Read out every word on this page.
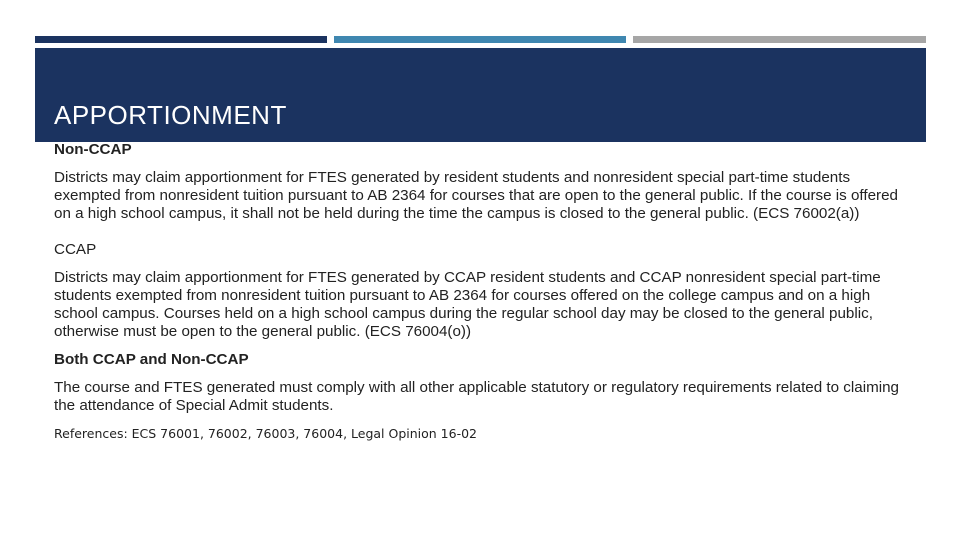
APPORTIONMENT

Non-CCAP

Districts may claim apportionment for FTES generated by resident students and nonresident special part-time students exempted from nonresident tuition pursuant to AB 2364 for courses that are open to the general public. If the course is offered on a high school campus, it shall not be held during the time the campus is closed to the general public. (ECS 76002(a))

CCAP

Districts may claim apportionment for FTES generated by CCAP resident students and CCAP nonresident special part-time students exempted from nonresident tuition pursuant to AB 2364 for courses offered on the college campus and on a high school campus. Courses held on a high school campus during the regular school day may be closed to the general public, otherwise must be open to the general public. (ECS 76004(o))

Both CCAP and Non-CCAP

The course and FTES generated must comply with all other applicable statutory or regulatory requirements related to claiming the attendance of Special Admit students.

References: ECS 76001, 76002, 76003, 76004, Legal Opinion 16-02
